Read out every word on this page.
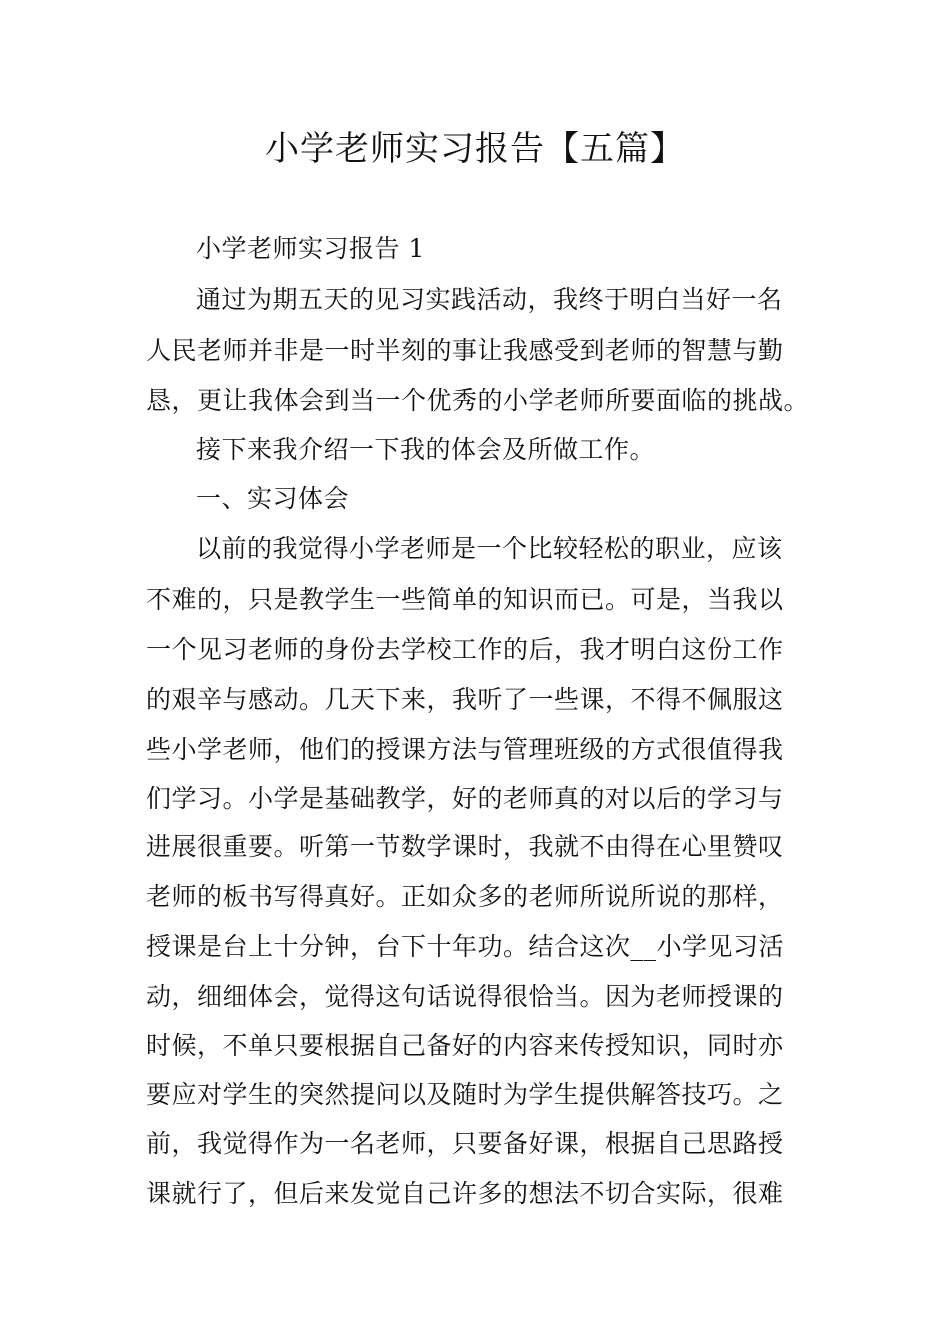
小学老师实习报告【五篇】
小学老师实习报告 1
通过为期五天的见习实践活动，我终于明白当好一名
人民老师并非是一时半刻的事让我感受到老师的智慧与勤
恳，更让我体会到当一个优秀的小学老师所要面临的挑战。
接下来我介绍一下我的体会及所做工作。
一、实习体会
以前的我觉得小学老师是一个比较轻松的职业，应该
不难的，只是教学生一些简单的知识而已。可是，当我以
一个见习老师的身份去学校工作的后，我才明白这份工作
的艰辛与感动。几天下来，我听了一些课，不得不佩服这
些小学老师，他们的授课方法与管理班级的方式很值得我
们学习。小学是基础教学，好的老师真的对以后的学习与
进展很重要。听第一节数学课时，我就不由得在心里赞叹
老师的板书写得真好。正如众多的老师所说所说的那样，
授课是台上十分钟，台下十年功。结合这次__小学见习活
动，细细体会，觉得这句话说得很恰当。因为老师授课的
时候，不单只要根据自己备好的内容来传授知识，同时亦
要应对学生的突然提问以及随时为学生提供解答技巧。之
前，我觉得作为一名老师，只要备好课，根据自己思路授
课就行了，但后来发觉自己许多的想法不切合实际，很难
